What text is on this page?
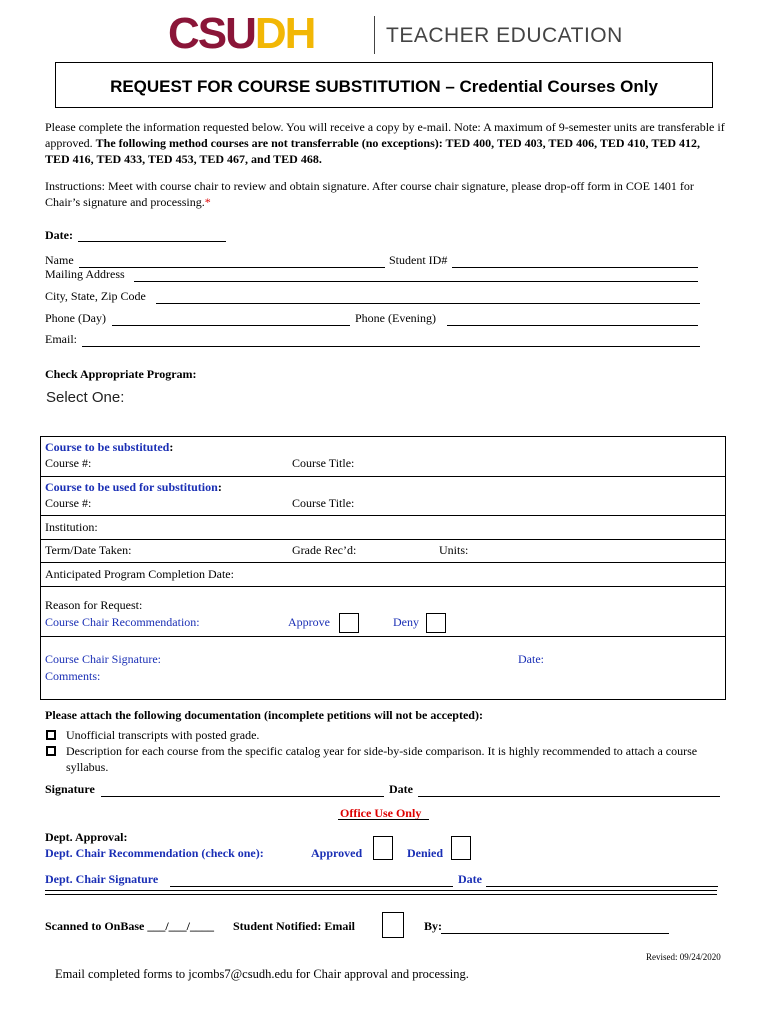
CSUDH	TEACHER EDUCATION
REQUEST FOR COURSE SUBSTITUTION – Credential Courses Only
Please complete the information requested below. You will receive a copy by e-mail. Note: A maximum of 9-semester units are transferable if approved. The following method courses are not transferrable (no exceptions): TED 400, TED 403, TED 406, TED 410, TED 412, TED 416, TED 433, TED 453, TED 467, and TED 468.
Instructions: Meet with course chair to review and obtain signature. After course chair signature, please drop-off form in COE 1401 for Chair’s signature and processing.*
Date:
Name	Student ID#
Mailing Address
City, State, Zip Code
Phone (Day)	Phone (Evening)
Email:
Check Appropriate Program:
Select One:
Course to be substituted:
Course #:	Course Title:
Course to be used for substitution:
Course #:	Course Title:
Institution:
Term/Date Taken:	Grade Rec’d:	Units:
Anticipated Program Completion Date:
Reason for Request:
Course Chair Recommendation:	Approve	Deny
Course Chair Signature:	Date:
Comments:
Please attach the following documentation (incomplete petitions will not be accepted):
Unofficial transcripts with posted grade.
Description for each course from the specific catalog year for side-by-side comparison. It is highly recommended to attach a course syllabus.
Signature	Date
Office Use Only
Dept. Approval:
Dept. Chair Recommendation (check one):	Approved	Denied
Dept. Chair Signature	Date
Scanned to OnBase ___/___/____ Student Notified: Email	By:
Revised: 09/24/2020
Email completed forms to jcombs7@csudh.edu for Chair approval and processing.
